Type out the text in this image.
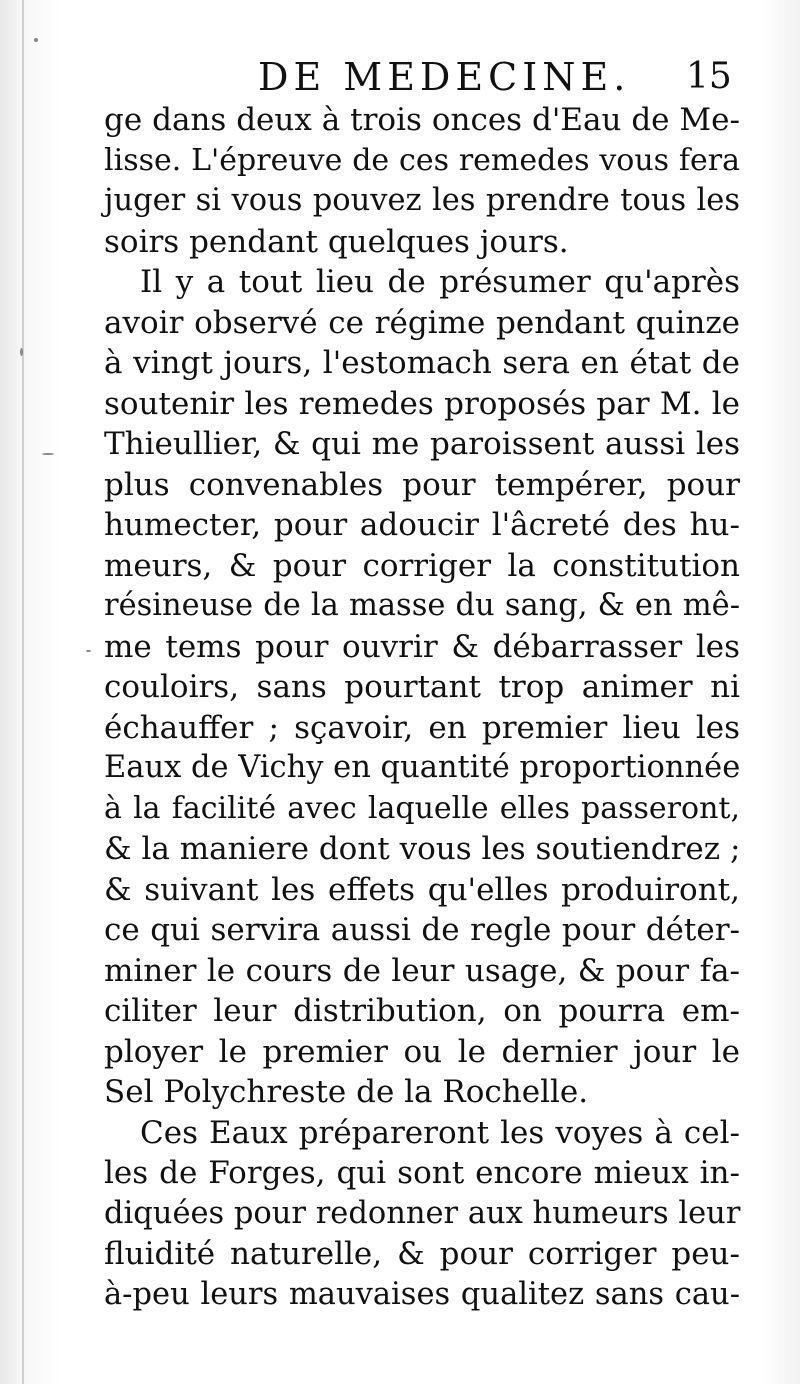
DE MEDECINE. 15
ge dans deux à trois onces d'Eau de Me-
lisse. L'épreuve de ces remedes vous fera
juger si vous pouvez les prendre tous les
soirs pendant quelques jours.
Il y a tout lieu de présumer qu'après
avoir observé ce régime pendant quinze
à vingt jours, l'estomach sera en état de
soutenir les remedes proposés par M. le
Thieullier, & qui me paroissent aussi les
plus convenables pour tempérer, pour
humecter, pour adoucir l'âcreté des hu-
meurs, & pour corriger la constitution
résineuse de la masse du sang, & en mê-
me tems pour ouvrir & débarrasser les
couloirs, sans pourtant trop animer ni
échauffer ; sçavoir, en premier lieu les
Eaux de Vichy en quantité proportionnée
à la facilité avec laquelle elles passeront,
& la maniere dont vous les soutiendrez ;
& suivant les effets qu'elles produiront,
ce qui servira aussi de regle pour déter-
miner le cours de leur usage, & pour fa-
ciliter leur distribution, on pourra em-
ployer le premier ou le dernier jour le
Sel Polychreste de la Rochelle.
Ces Eaux prépareront les voyes à cel-
les de Forges, qui sont encore mieux in-
diquées pour redonner aux humeurs leur
fluidité naturelle, & pour corriger peu-
à-peu leurs mauvaises qualitez sans cau-
